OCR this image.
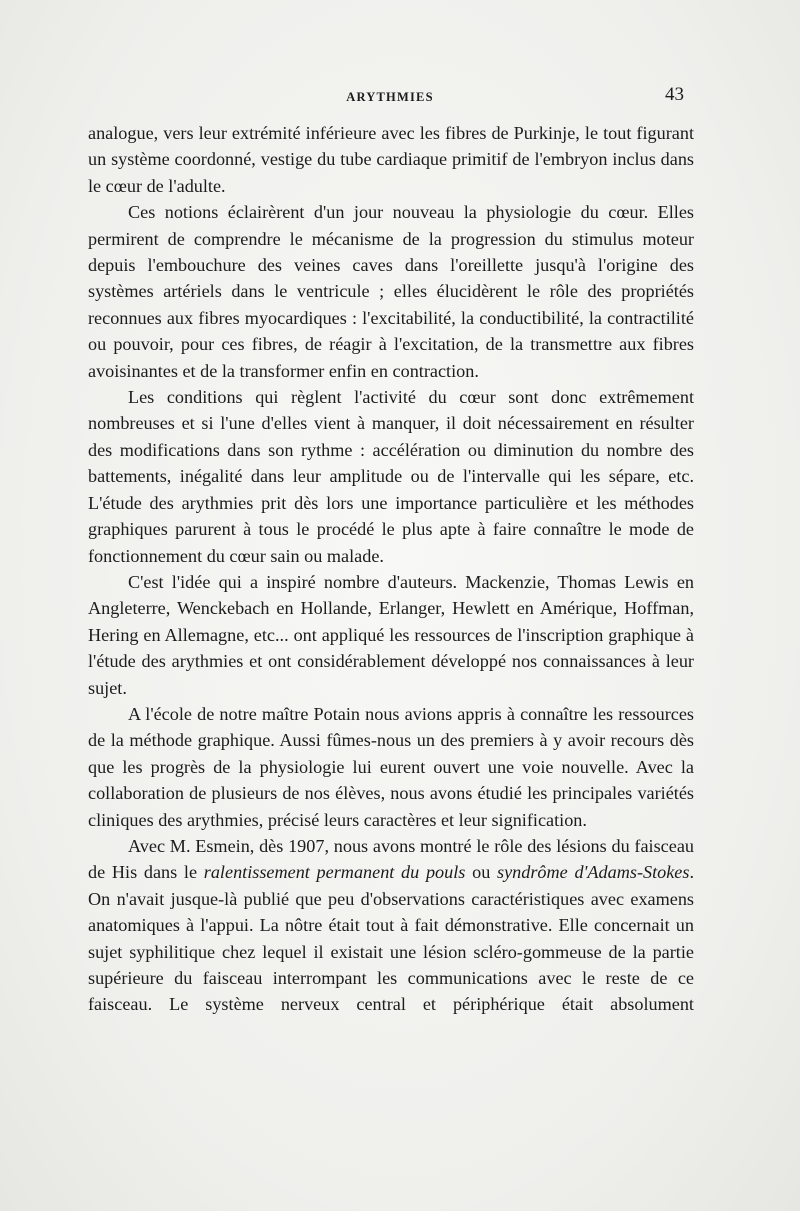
ARYTHMIES	43

analogue, vers leur extrémité inférieure avec les fibres de Purkinje, le tout figurant un système coordonné, vestige du tube cardiaque primitif de l'embryon inclus dans le cœur de l'adulte.

Ces notions éclairèrent d'un jour nouveau la physiologie du cœur. Elles permirent de comprendre le mécanisme de la progression du stimulus moteur depuis l'embouchure des veines caves dans l'oreillette jusqu'à l'origine des systèmes artériels dans le ventricule ; elles élucidèrent le rôle des propriétés reconnues aux fibres myocardiques : l'excitabilité, la conductibilité, la contractilité ou pouvoir, pour ces fibres, de réagir à l'excitation, de la transmettre aux fibres avoisinantes et de la transformer enfin en contraction.

Les conditions qui règlent l'activité du cœur sont donc extrêmement nombreuses et si l'une d'elles vient à manquer, il doit nécessairement en résulter des modifications dans son rythme : accélération ou diminution du nombre des battements, inégalité dans leur amplitude ou de l'intervalle qui les sépare, etc. L'étude des arythmies prit dès lors une importance particulière et les méthodes graphiques parurent à tous le procédé le plus apte à faire connaître le mode de fonctionnement du cœur sain ou malade.

C'est l'idée qui a inspiré nombre d'auteurs. Mackenzie, Thomas Lewis en Angleterre, Wenckebach en Hollande, Erlanger, Hewlett en Amérique, Hoffman, Hering en Allemagne, etc... ont appliqué les ressources de l'inscription graphique à l'étude des arythmies et ont considérablement développé nos connaissances à leur sujet.

A l'école de notre maître Potain nous avions appris à connaître les ressources de la méthode graphique. Aussi fûmes-nous un des premiers à y avoir recours dès que les progrès de la physiologie lui eurent ouvert une voie nouvelle. Avec la collaboration de plusieurs de nos élèves, nous avons étudié les principales variétés cliniques des arythmies, précisé leurs caractères et leur signification.

Avec M. Esmein, dès 1907, nous avons montré le rôle des lésions du faisceau de His dans le ralentissement permanent du pouls ou syndrôme d'Adams-Stokes. On n'avait jusque-là publié que peu d'observations caractéristiques avec examens anatomiques à l'appui. La nôtre était tout à fait démonstrative. Elle concernait un sujet syphilitique chez lequel il existait une lésion scléro-gommeuse de la partie supérieure du faisceau interrompant les communications avec le reste de ce faisceau. Le système nerveux central et périphérique était absolument
